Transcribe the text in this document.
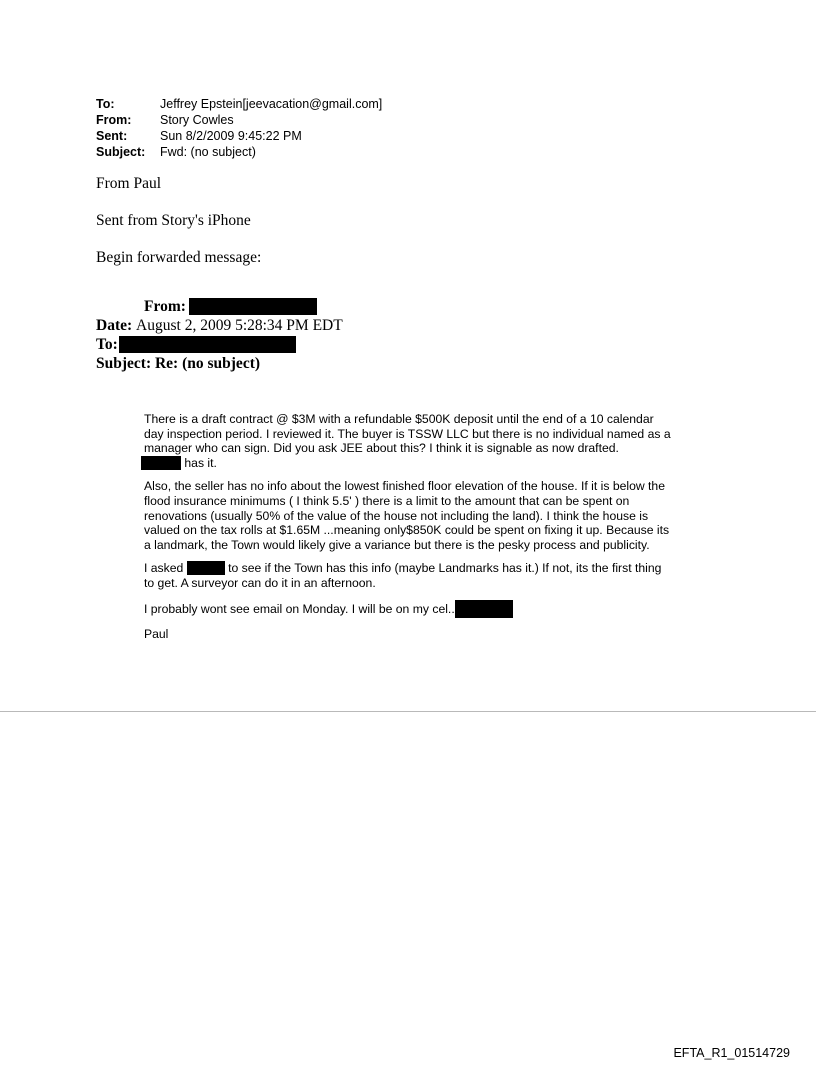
To:	Jeffrey Epstein[jeevacation@gmail.com]
From:	Story Cowles
Sent:	Sun 8/2/2009 9:45:22 PM
Subject:	Fwd: (no subject)
From Paul
Sent from Story's iPhone
Begin forwarded message:
From:
Date:
August 2, 2009 5:28:34 PM EDT
To:
Subject:
Re: (no subject)

There is a draft contract @ $3M with a refundable $500K deposit until the end of a 10 calendar day inspection period. I reviewed it. The buyer is TSSW LLC but there is no individual named as a manager who can sign. Did you ask JEE about this? I think it is signable as now drafted.
has it.

Also, the seller has no info about the lowest finished floor elevation of the house. If it is below the flood insurance minimums ( I think 5.5' ) there is a limit to the amount that can be spent on renovations (usually 50% of the value of the house not including the land). I think the house is valued on the tax rolls at $1.65M ...meaning only$850K could be spent on fixing it up. Because its a landmark, the Town would likely give a variance but there is the pesky process and publicity.

I asked	to see if the Town has this info (maybe Landmarks has it.) If not, its the first thing to get. A surveyor can do it in an afternoon.

I probably wont see email on Monday. I will be on my cel..

Paul

EFTA_R1_01514729
